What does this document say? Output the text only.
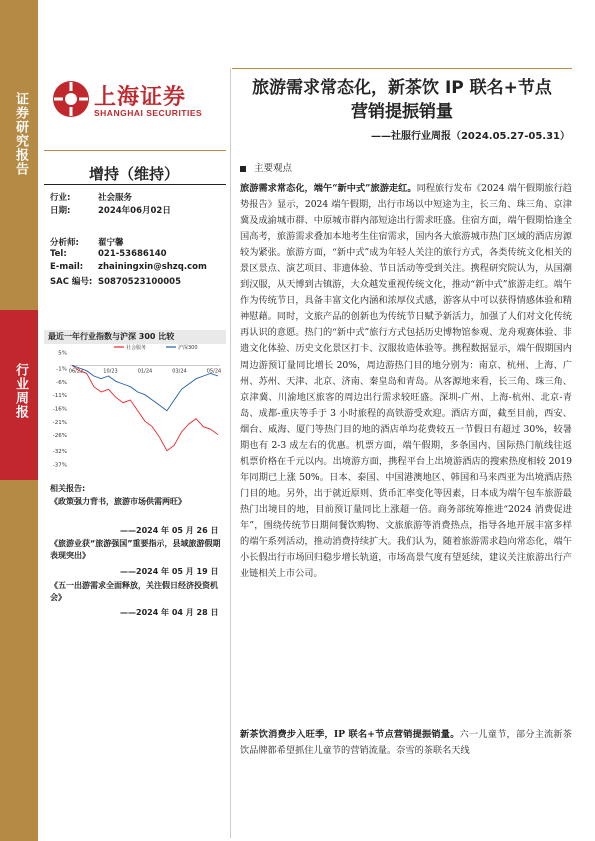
证券研究报告
行业周报
上海证券
SHANGHAI SECURITIES
旅游需求常态化，新茶饮 IP 联名+节点
营销提振销量
——社服行业周报（2024.05.27-05.31）
增持（维持）
行业:	社会服务
日期:	2024年06月02日
分析师: 翟宁馨
Tel:	021-53686140
E-mail: zhainingxin@shzq.com
SAC 编号: S0870523100005
最近一年行业指数与沪深 300 比较
5%
-1%
-6%
-11%
-16%
-21%
-26%
-32%
-37%
06/23	10/23	01/24	03/24	05/24
社会服务	沪深300
相关报告:
《政策强力背书，旅游市场供需两旺》
——2024 年 05 月 26 日
《旅游业获“旅游强国”重要指示，县域旅游假期表现突出》
——2024 年 05 月 19 日
《五一出游需求全面释放，关注假日经济投资机会》
——2024 年 04 月 28 日
主要观点
旅游需求常态化，端午“新中式”旅游走红。同程旅行发布《2024 端午假期旅行趋势报告》显示，2024 端午假期，出行市场以中短途为主，长三角、珠三角、京津冀及成渝城市群、中原城市群内部短途出行需求旺盛。住宿方面，端午假期恰逢全国高考，旅游需求叠加本地考生住宿需求，国内各大旅游城市热门区域的酒店房源较为紧张。旅游方面，“新中式”成为年轻人关注的旅行方式，各类传统文化相关的景区景点、演艺项目、非遗体验、节日活动等受到关注。携程研究院认为，从国潮到汉服，从天博到古镇游，大众越发重视传统文化，推动“新中式”旅游走红。端午作为传统节日，具备丰富文化内涵和浓厚仪式感，游客从中可以获得情感体验和精神慰藉。同时，文旅产品的创新也为传统节日赋予新活力，加强了人们对文化传统再认识的意愿。热门的“新中式”旅行方式包括历史博物馆参观、龙舟观赛体验、非遗文化体验、历史文化景区打卡、汉服妆造体验等。携程数据显示，端午假期国内周边游预订量同比增长 20%，周边游热门目的地分别为：南京、杭州、上海、广州、苏州、天津、北京、济南、秦皇岛和青岛。从客源地来看，长三角、珠三角、京津冀、川渝地区旅客的周边出行需求较旺盛。深圳-广州、上海-杭州、北京-青岛、成都-重庆等手于 3 小时旅程的高铁游受欢迎。酒店方面，截至目前，西安、烟台、威海、厦门等热门目的地的酒店单均花费较五一节假日有超过 30%，较暑期也有 2-3 成左右的优惠。机票方面，端午假期，多条国内、国际热门航线往返机票价格在千元以内。出境游方面，携程平台上出境游酒店的搜索热度相较 2019 年同期已上涨 50%。日本、泰国、中国港澳地区、韩国和马来西亚为出境酒店热门目的地。另外，出于就近原则、货币汇率变化等因素，日本成为端午包车旅游最热门出境目的地，目前预订量同比上涨超一倍。商务部统筹推进“2024 消费促进年”，围绕传统节日期间餐饮购物、文旅旅游等消费热点，指导各地开展丰富多样的端午系列活动，推动消费持续扩大。我们认为，随着旅游需求趋向常态化，端午小长假出行市场回归稳步增长轨道，市场高景气度有望延续，建议关注旅游出行产业链相关上市公司。
新茶饮消费步入旺季，IP 联名+节点营销提振销量。六一儿童节，部分主流新茶饮品牌都希望抓住儿童节的营销流量。奈雪的茶联名天线
